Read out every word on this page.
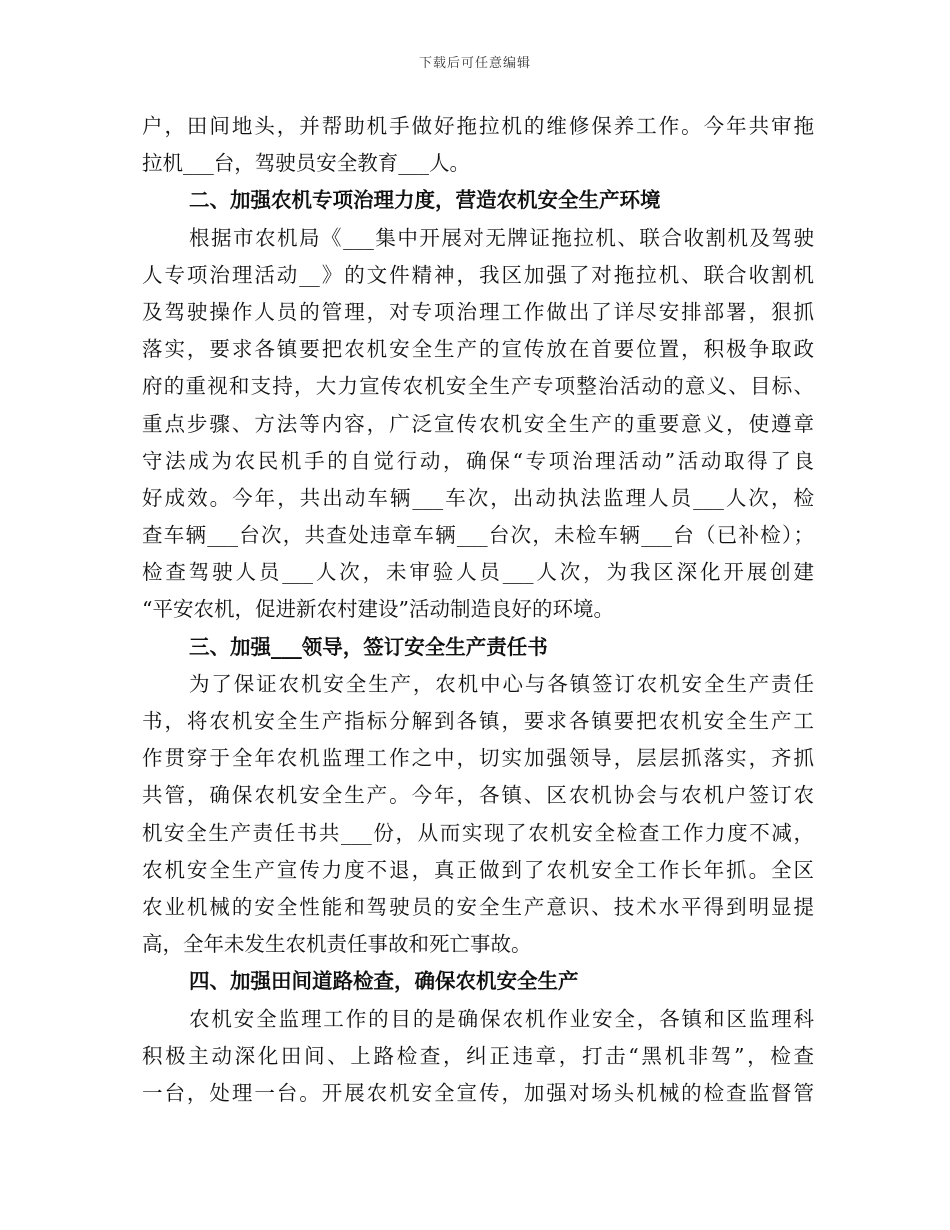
下载后可任意编辑
户，田间地头，并帮助机手做好拖拉机的维修保养工作。今年共审拖
拉机___台，驾驶员安全教育___人。
二、加强农机专项治理力度，营造农机安全生产环境
根据市农机局《___集中开展对无牌证拖拉机、联合收割机及驾驶
人专项治理活动__》的文件精神，我区加强了对拖拉机、联合收割机
及驾驶操作人员的管理，对专项治理工作做出了详尽安排部署，狠抓
落实，要求各镇要把农机安全生产的宣传放在首要位置，积极争取政
府的重视和支持，大力宣传农机安全生产专项整治活动的意义、目标、
重点步骤、方法等内容，广泛宣传农机安全生产的重要意义，使遵章
守法成为农民机手的自觉行动，确保“专项治理活动”活动取得了良
好成效。今年，共出动车辆___车次，出动执法监理人员___人次，检
查车辆___台次，共查处违章车辆___台次，未检车辆___台（已补检）；
检查驾驶人员___人次，未审验人员___人次，为我区深化开展创建
“平安农机，促进新农村建设”活动制造良好的环境。
三、加强___领导，签订安全生产责任书
为了保证农机安全生产，农机中心与各镇签订农机安全生产责任
书，将农机安全生产指标分解到各镇，要求各镇要把农机安全生产工
作贯穿于全年农机监理工作之中，切实加强领导，层层抓落实，齐抓
共管，确保农机安全生产。今年，各镇、区农机协会与农机户签订农
机安全生产责任书共___份，从而实现了农机安全检查工作力度不减，
农机安全生产宣传力度不退，真正做到了农机安全工作长年抓。全区
农业机械的安全性能和驾驶员的安全生产意识、技术水平得到明显提
高，全年未发生农机责任事故和死亡事故。
四、加强田间道路检查，确保农机安全生产
农机安全监理工作的目的是确保农机作业安全，各镇和区监理科
积极主动深化田间、上路检查，纠正违章，打击“黑机非驾”，检查
一台，处理一台。开展农机安全宣传，加强对场头机械的检查监督管
